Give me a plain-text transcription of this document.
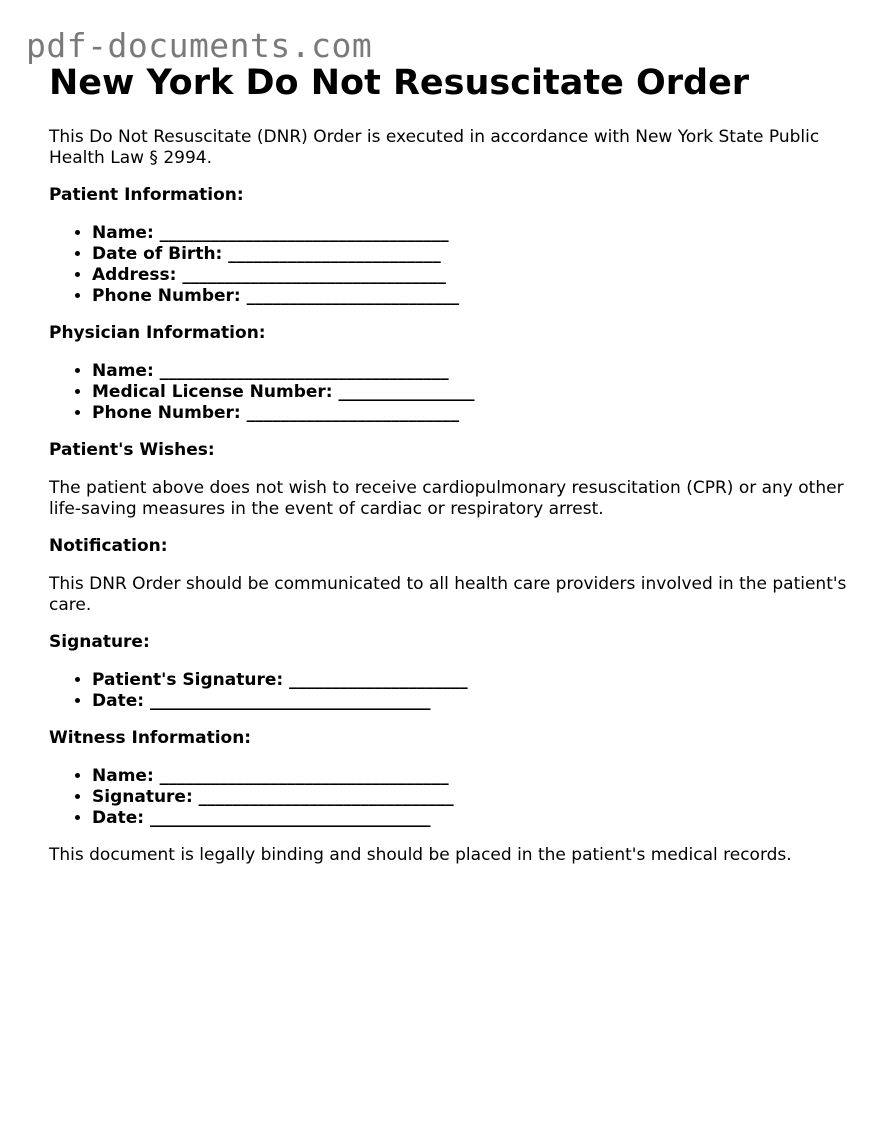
pdf-documents.com
New York Do Not Resuscitate Order

This Do Not Resuscitate (DNR) Order is executed in accordance with New York State Public Health Law § 2994.

Patient Information:
• Name: __________________________________
• Date of Birth: _________________________
• Address: _______________________________
• Phone Number: _________________________
Physician Information:
• Name: __________________________________
• Medical License Number: ________________
• Phone Number: _________________________
Patient's Wishes:

The patient above does not wish to receive cardiopulmonary resuscitation (CPR) or any other life-saving measures in the event of cardiac or respiratory arrest.

Notification:

This DNR Order should be communicated to all health care providers involved in the patient's care.

Signature:
• Patient's Signature: _____________________
• Date: _________________________________
Witness Information:
• Name: __________________________________
• Signature: ______________________________
• Date: _________________________________

This document is legally binding and should be placed in the patient's medical records.
